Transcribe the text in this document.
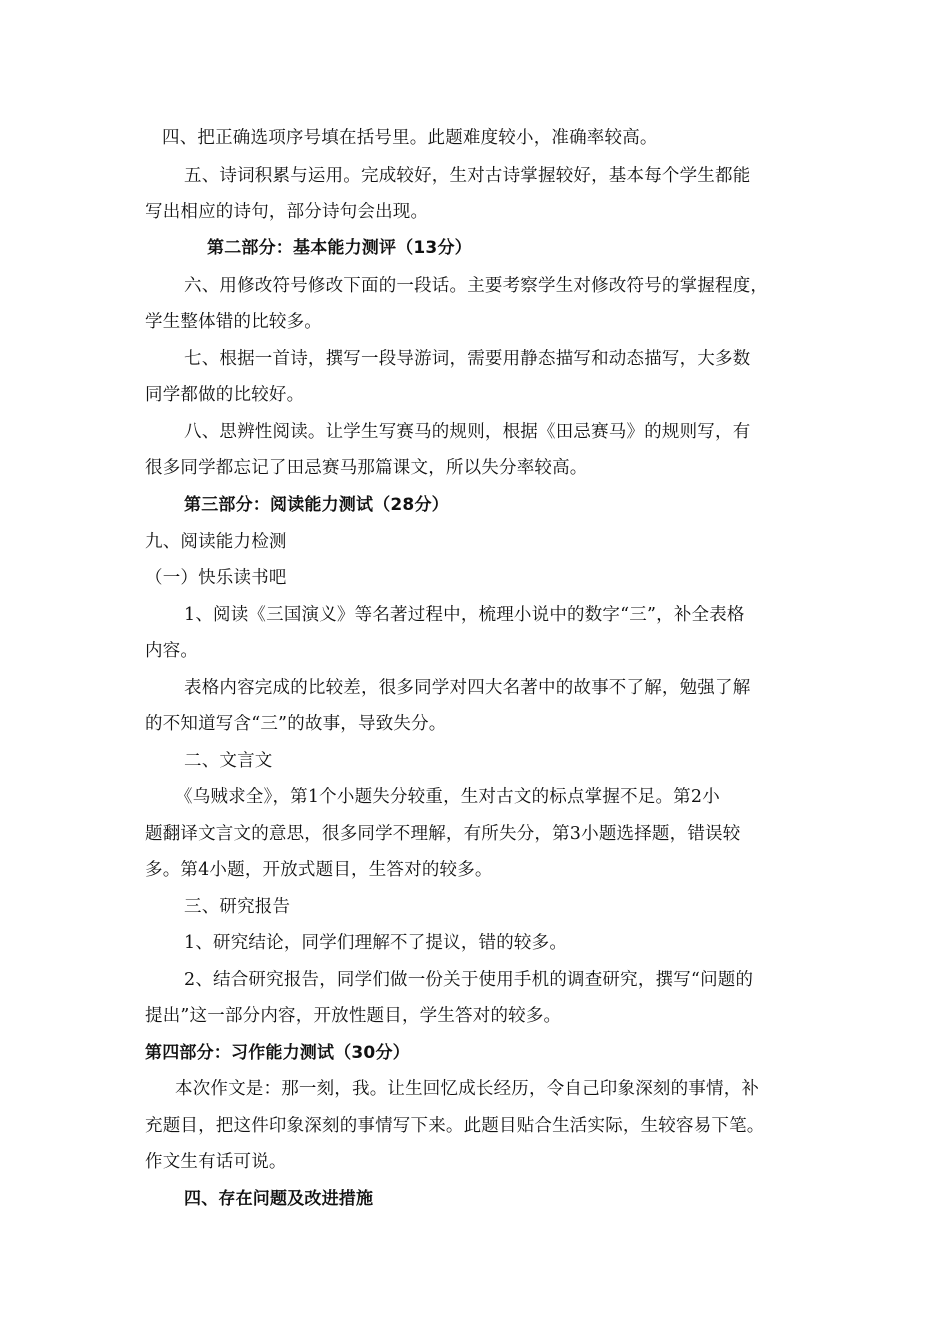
四、把正确选项序号填在括号里。此题难度较小，准确率较高。
五、诗词积累与运用。完成较好，生对古诗掌握较好，基本每个学生都能
写出相应的诗句，部分诗句会出现。
第二部分：基本能力测评（13分）
六、用修改符号修改下面的一段话。主要考察学生对修改符号的掌握程度，
学生整体错的比较多。
七、根据一首诗，撰写一段导游词，需要用静态描写和动态描写，大多数
同学都做的比较好。
八、思辨性阅读。让学生写赛马的规则，根据《田忌赛马》的规则写，有
很多同学都忘记了田忌赛马那篇课文，所以失分率较高。
第三部分：阅读能力测试（28分）
九、阅读能力检测
（一）快乐读书吧
1、阅读《三国演义》等名著过程中，梳理小说中的数字“三”，补全表格
内容。
表格内容完成的比较差，很多同学对四大名著中的故事不了解，勉强了解
的不知道写含“三”的故事，导致失分。
二、文言文
《乌贼求全》，第1个小题失分较重，生对古文的标点掌握不足。第2小
题翻译文言文的意思，很多同学不理解，有所失分，第3小题选择题，错误较
多。第4小题，开放式题目，生答对的较多。
三、研究报告
1、研究结论，同学们理解不了提议，错的较多。
2、结合研究报告，同学们做一份关于使用手机的调查研究，撰写“问题的
提出”这一部分内容，开放性题目，学生答对的较多。
第四部分：习作能力测试（30分）
本次作文是：那一刻，我。让生回忆成长经历，令自己印象深刻的事情，补
充题目，把这件印象深刻的事情写下来。此题目贴合生活实际，生较容易下笔。
作文生有话可说。
四、存在问题及改进措施
